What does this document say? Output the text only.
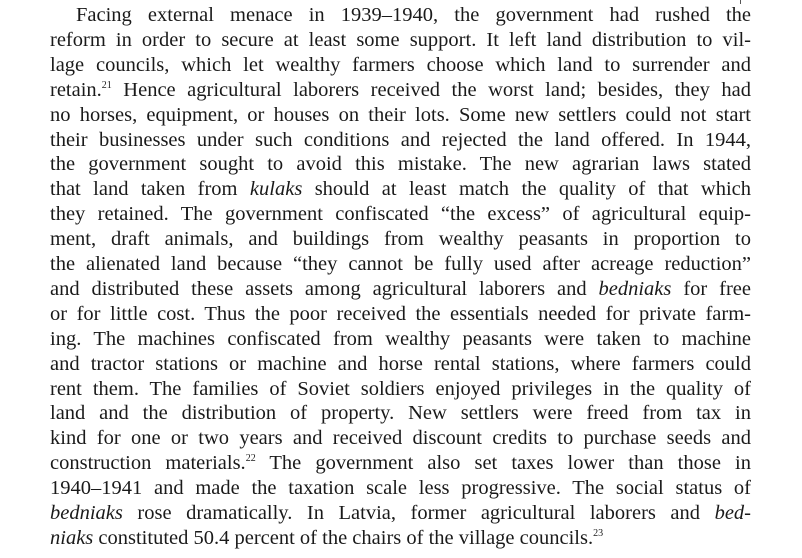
Facing external menace in 1939–1940, the government had rushed the
reform in order to secure at least some support. It left land distribution to vil-
lage councils, which let wealthy farmers choose which land to surrender and
retain.$^{21}$ Hence agricultural laborers received the worst land; besides, they had
no horses, equipment, or houses on their lots. Some new settlers could not start
their businesses under such conditions and rejected the land offered. In 1944,
the government sought to avoid this mistake. The new agrarian laws stated
that land taken from kulaks should at least match the quality of that which
they retained. The government confiscated “the excess” of agricultural equip-
ment, draft animals, and buildings from wealthy peasants in proportion to
the alienated land because “they cannot be fully used after acreage reduction”
and distributed these assets among agricultural laborers and bedniaks for free
or for little cost. Thus the poor received the essentials needed for private farm-
ing. The machines confiscated from wealthy peasants were taken to machine
and tractor stations or machine and horse rental stations, where farmers could
rent them. The families of Soviet soldiers enjoyed privileges in the quality of
land and the distribution of property. New settlers were freed from tax in
kind for one or two years and received discount credits to purchase seeds and
construction materials.$^{22}$ The government also set taxes lower than those in
1940–1941 and made the taxation scale less progressive. The social status of
bedniaks rose dramatically. In Latvia, former agricultural laborers and bed-
niaks constituted 50.4 percent of the chairs of the village councils.$^{23}$
